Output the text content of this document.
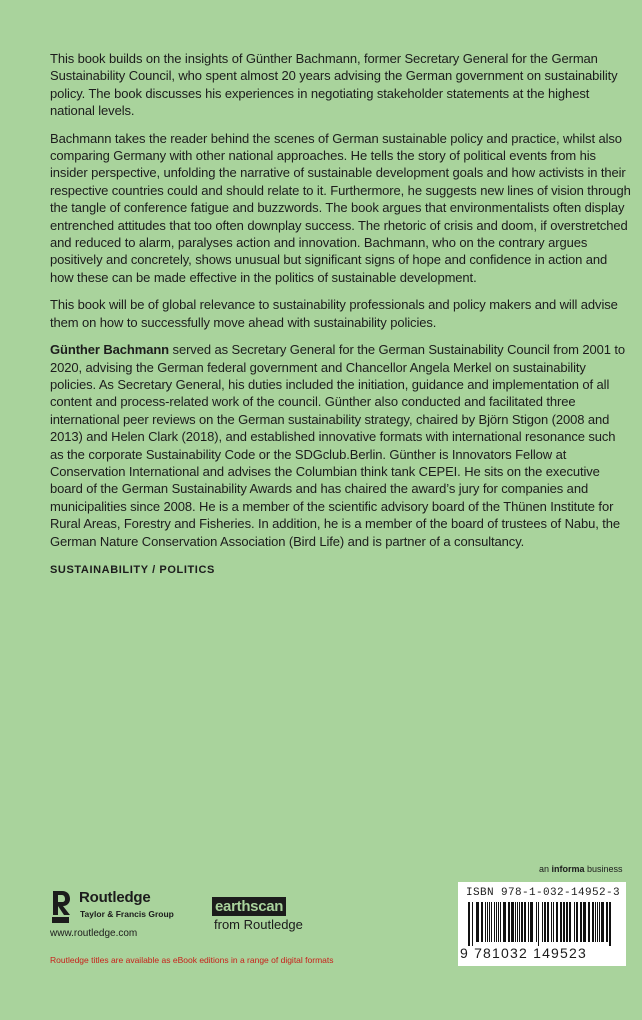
This book builds on the insights of Günther Bachmann, former Secretary General for the German Sustainability Council, who spent almost 20 years advising the German government on sustainability policy. The book discusses his experiences in negotiating stakeholder statements at the highest national levels.

Bachmann takes the reader behind the scenes of German sustainable policy and practice, whilst also comparing Germany with other national approaches. He tells the story of political events from his insider perspective, unfolding the narrative of sustainable development goals and how activists in their respective countries could and should relate to it. Furthermore, he suggests new lines of vision through the tangle of conference fatigue and buzzwords. The book argues that environmentalists often display entrenched attitudes that too often downplay success. The rhetoric of crisis and doom, if overstretched and reduced to alarm, paralyses action and innovation. Bachmann, who on the contrary argues positively and concretely, shows unusual but significant signs of hope and confidence in action and how these can be made effective in the politics of sustainable development.

This book will be of global relevance to sustainability professionals and policy makers and will advise them on how to successfully move ahead with sustainability policies.

Günther Bachmann served as Secretary General for the German Sustainability Council from 2001 to 2020, advising the German federal government and Chancellor Angela Merkel on sustainability policies. As Secretary General, his duties included the initiation, guidance and implementation of all content and process-related work of the council. Günther also conducted and facilitated three international peer reviews on the German sustainability strategy, chaired by Björn Stigon (2008 and 2013) and Helen Clark (2018), and established innovative formats with international resonance such as the corporate Sustainability Code or the SDGclub.Berlin. Günther is Innovators Fellow at Conservation International and advises the Columbian think tank CEPEI. He sits on the executive board of the German Sustainability Awards and has chaired the award’s jury for companies and municipalities since 2008. He is a member of the scientific advisory board of the Thünen Institute for Rural Areas, Forestry and Fisheries. In addition, he is a member of the board of trustees of Nabu, the German Nature Conservation Association (Bird Life) and is partner of a consultancy.

SUSTAINABILITY / POLITICS
an informa business
ISBN 978-1-032-14952-3
9 781032 149523
Routledge
Taylor & Francis Group
www.routledge.com
earthscan
from Routledge
Routledge titles are available as eBook editions in a range of digital formats
